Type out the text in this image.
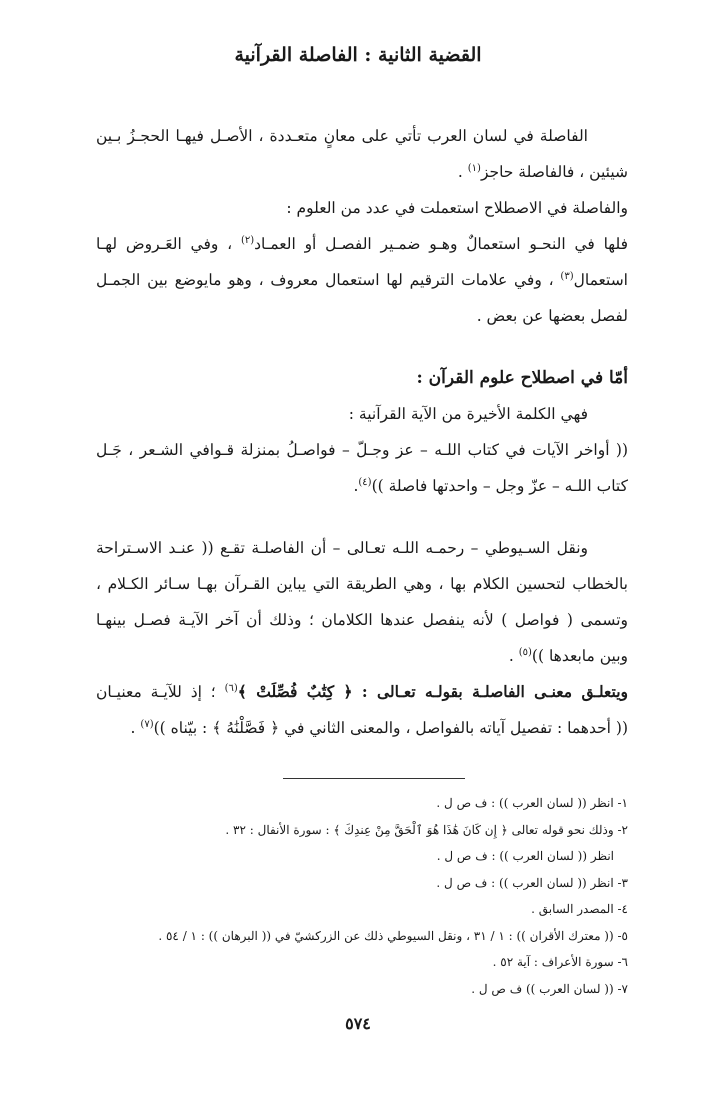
القضية الثانية : الفاصلة القرآنية

الفاصلة في لسان العرب تأتي على معانٍ متعـددة ، الأصـل فيهـا الحجـزُ بـين

شيئين ، فالفاصلة حاجز$^{(١)}$ .

والفاصلة في الاصطلاح استعملت في عدد من العلوم :

فلها في النحـو استعمالٌ وهـو ضمـير الفصـل أو العمـاد$^{(٢)}$ ، وفي العَـروض لهـا

استعمال$^{(٣)}$ ، وفي علامات الترقيم لها استعمال معروف ، وهو مايوضع بين الجمـل

لفصل بعضها عن بعض .

أمّا في اصطلاح علوم القرآن :

فهي الكلمة الأخيرة من الآية القرآنية :

(( أواخر الآيات في كتاب اللـه – عز وجـلّ – فواصـلُ بمنزلة قـوافي الشـعر ، جَـل

كتاب اللـه – عزّ وجل – واحدتها فاصلة ))$^{(٤)}$.

ونقل السـيوطي – رحمـه اللـه تعـالى – أن الفاصلـة تقـع (( عنـد الاسـتراحة

بالخطاب لتحسين الكلام بها ، وهي الطريقة التي يباين القـرآن بهـا سـائر الكـلام ،

وتسمى ( فواصل ) لأنه ينفصل عندها الكلامان ؛ وذلك أن آخر الآيـة فصـل بينهـا

وبين مابعدها ))$^{(٥)}$ .

ويتعلـق معنـى الفاصلـة بقولـه تعـالى : ﴿ كِتَٰبٌ فُصِّلَتْ ﴾$^{(٦)}$ ؛ إذ للآيـة معنيـان

(( أحدهما : تفصيل آياته بالفواصل ، والمعنى الثاني في ﴿ فَصَّلْنَٰهُ ﴾ : بيّناه ))$^{(٧)}$ .

١- انظر (( لسان العرب )) : ف ص ل .
٢- وذلك نحو قوله تعالى ﴿ إِن كَانَ هَٰذَا هُوَ ٱلْحَقَّ مِنْ عِندِكَ ﴾ : سورة الأنفال : ٣٢ .
انظر (( لسان العرب )) : ف ص ل .
٣- انظر (( لسان العرب )) : ف ص ل .
٤- المصدر السابق .
٥- (( معترك الأقران )) : ١ / ٣١ ، ونقل السيوطي ذلك عن الزركشيّ في (( البرهان )) : ١ / ٥٤ .
٦- سورة الأعراف : آية ٥٢ .
٧- (( لسان العرب )) ف ص ل .
٥٧٤
